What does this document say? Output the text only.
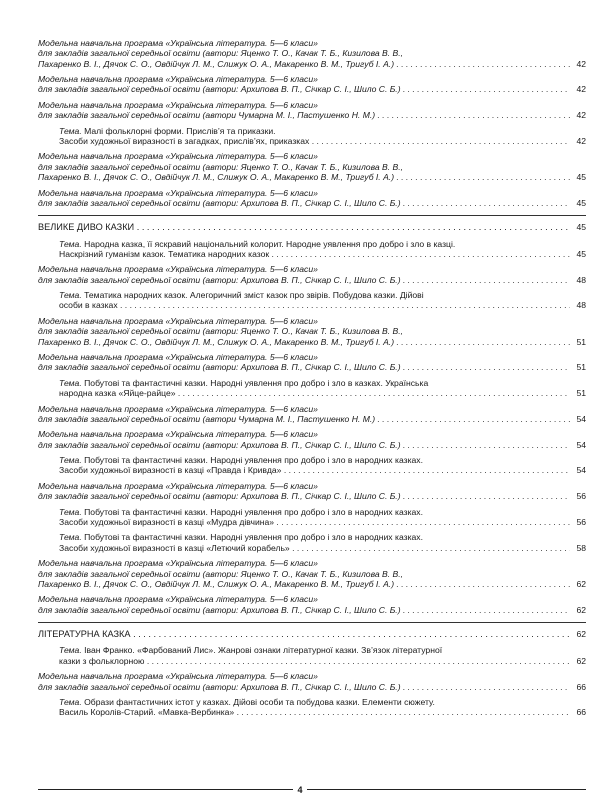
Модельна навчальна програма «Українська література. 5—6 класи»
для закладів загальної середньої освіти (автори: Яценко Т. О., Качак Т. Б., Кизилова В. В.,
Пахаренко В. І., Дячок С. О., Овдійчук Л. М., Слижук О. А., Макаренко В. М., Тригуб І. А.) . . .	42
Модельна навчальна програма «Українська література. 5—6 класи»
для закладів загальної середньої освіти (автори: Архипова В. П., Січкар С. І., Шило С. Б.) . . .	42
Модельна навчальна програма «Українська література. 5—6 класи»
для закладів загальної середньої освіти (автори Чумарна М. І., Пастушенко Н. М.) . . .	42
Тема. Малі фольклорні форми. Прислів’я та приказки.
Засоби художньої виразності в загадках, прислів’ях, приказках . . .	42
Модельна навчальна програма «Українська література. 5—6 класи»
для закладів загальної середньої освіти (автори: Яценко Т. О., Качак Т. Б., Кизилова В. В.,
Пахаренко В. І., Дячок С. О., Овдійчук Л. М., Слижук О. А., Макаренко В. М., Тригуб І. А.) . . .	45
Модельна навчальна програма «Українська література. 5—6 класи»
для закладів загальної середньої освіти (автори: Архипова В. П., Січкар С. І., Шило С. Б.) . . .	45
ВЕЛИКЕ ДИВО КАЗКИ . . .	45
Тема. Народна казка, її яскравий національний колорит. Народне уявлення про добро і зло в казці.
Наскрізний гуманізм казок. Тематика народних казок . . .	45
Модельна навчальна програма «Українська література. 5—6 класи»
для закладів загальної середньої освіти (автори: Архипова В. П., Січкар С. І., Шило С. Б.) . . .	48
Тема. Тематика народних казок. Алегоричний зміст казок про звірів. Побудова казки. Дійові
особи в казках . . .	48
Модельна навчальна програма «Українська література. 5—6 класи»
для закладів загальної середньої освіти (автори: Яценко Т. О., Качак Т. Б., Кизилова В. В.,
Пахаренко В. І., Дячок С. О., Овдійчук Л. М., Слижук О. А., Макаренко В. М., Тригуб І. А.) . . .	51
Модельна навчальна програма «Українська література. 5—6 класи»
для закладів загальної середньої освіти (автори: Архипова В. П., Січкар С. І., Шило С. Б.) . . .	51
Тема. Побутові та фантастичні казки. Народні уявлення про добро і зло в казках. Українська
народна казка «Яйце-райце» . . .	51
Модельна навчальна програма «Українська література. 5—6 класи»
для закладів загальної середньої освіти (автори Чумарна М. І., Пастушенко Н. М.) . . .	54
Модельна навчальна програма «Українська література. 5—6 класи»
для закладів загальної середньої освіти (автори: Архипова В. П., Січкар С. І., Шило С. Б.) . . .	54
Тема. Побутові та фантастичні казки. Народні уявлення про добро і зло в народних казках.
Засоби художньої виразності в казці «Правда і Кривда» . . .	54
Модельна навчальна програма «Українська література. 5—6 класи»
для закладів загальної середньої освіти (автори: Архипова В. П., Січкар С. І., Шило С. Б.) . . .	56
Тема. Побутові та фантастичні казки. Народні уявлення про добро і зло в народних казках.
Засоби художньої виразності в казці «Мудра дівчина» . . .	56
Тема. Побутові та фантастичні казки. Народні уявлення про добро і зло в народних казках.
Засоби художньої виразності в казці «Летючий корабель» . . .	58
Модельна навчальна програма «Українська література. 5—6 класи»
для закладів загальної середньої освіти (автори: Яценко Т. О., Качак Т. Б., Кизилова В. В.,
Пахаренко В. І., Дячок С. О., Овдійчук Л. М., Слижук О. А., Макаренко В. М., Тригуб І. А.) . . .	62
Модельна навчальна програма «Українська література. 5—6 класи»
для закладів загальної середньої освіти (автори: Архипова В. П., Січкар С. І., Шило С. Б.) . . .	62
ЛІТЕРАТУРНА КАЗКА . . .	62
Тема. Іван Франко. «Фарбований Лис». Жанрові ознаки літературної казки. Зв’язок літературної
казки з фольклорною . . .	62
Модельна навчальна програма «Українська література. 5—6 класи»
для закладів загальної середньої освіти (автори: Архипова В. П., Січкар С. І., Шило С. Б.) . . .	66
Тема. Образи фантастичних істот у казках. Дійові особи та побудова казки. Елементи сюжету.
Василь Королів-Старий. «Мавка-Вербинка» . . .	66
4
